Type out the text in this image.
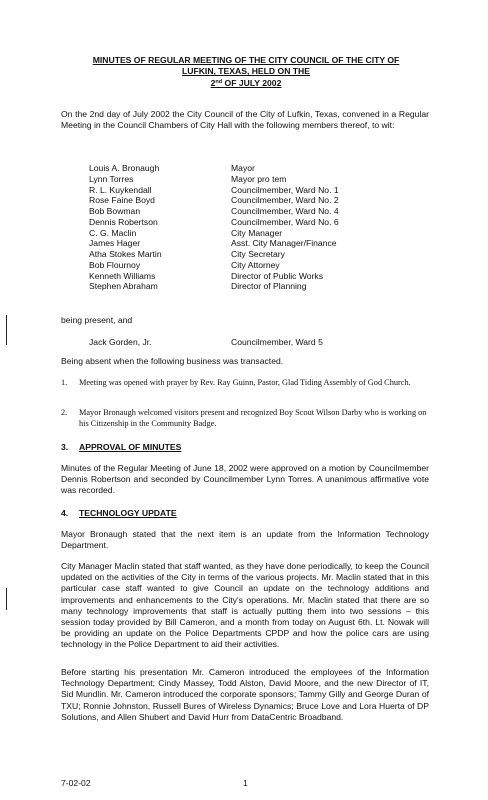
MINUTES OF REGULAR MEETING OF THE CITY COUNCIL OF THE CITY OF
LUFKIN, TEXAS, HELD ON THE
2nd OF JULY 2002
On the 2nd day of July 2002 the City Council of the City of Lufkin, Texas, convened in a Regular Meeting in the Council Chambers of City Hall with the following members thereof, to wit:
Louis A. Bronaugh	Mayor
Lynn Torres	Mayor pro tem
R. L. Kuykendall	Councilmember, Ward No. 1
Rose Faine Boyd	Councilmember, Ward No. 2
Bob Bowman	Councilmember, Ward No. 4
Dennis Robertson	Councilmember, Ward No. 6
C. G. Maclin	City Manager
James Hager	Asst. City Manager/Finance
Atha Stokes Martin	City Secretary
Bob Flournoy	City Attorney
Kenneth Williams	Director of Public Works
Stephen Abraham	Director of Planning
being present, and
Jack Gorden, Jr.	Councilmember, Ward 5
Being absent when the following business was transacted.
1.	Meeting was opened with prayer by Rev. Ray Guinn, Pastor, Glad Tiding Assembly of God Church.
2.	Mayor Bronaugh welcomed visitors present and recognized Boy Scout Wilson Darby who is working on his Citizenship in the Community Badge.
3. APPROVAL OF MINUTES
Minutes of the Regular Meeting of June 18, 2002 were approved on a motion by Councilmember Dennis Robertson and seconded by Councilmember Lynn Torres. A unanimous affirmative vote was recorded.
4. TECHNOLOGY UPDATE
Mayor Bronaugh stated that the next item is an update from the Information Technology Department.
City Manager Maclin stated that staff wanted, as they have done periodically, to keep the Council updated on the activities of the City in terms of the various projects. Mr. Maclin stated that in this particular case staff wanted to give Council an update on the technology additions and improvements and enhancements to the City's operations. Mr. Maclin stated that there are so many technology improvements that staff is actually putting them into two sessions – this session today provided by Bill Cameron, and a month from today on August 6th. Lt. Nowak will be providing an update on the Police Departments CPDP and how the police cars are using technology in the Police Department to aid their activities.
Before starting his presentation Mr. Cameron introduced the employees of the Information Technology Department; Cindy Massey, Todd Alston, David Moore, and the new Director of IT, Sid Mundlin. Mr. Cameron introduced the corporate sponsors; Tammy Gilly and George Duran of TXU; Ronnie Johnston, Russell Bures of Wireless Dynamics; Bruce Love and Lora Huerta of DP Solutions, and Allen Shubert and David Hurr from DataCentric Broadband.
7-02-02	1
